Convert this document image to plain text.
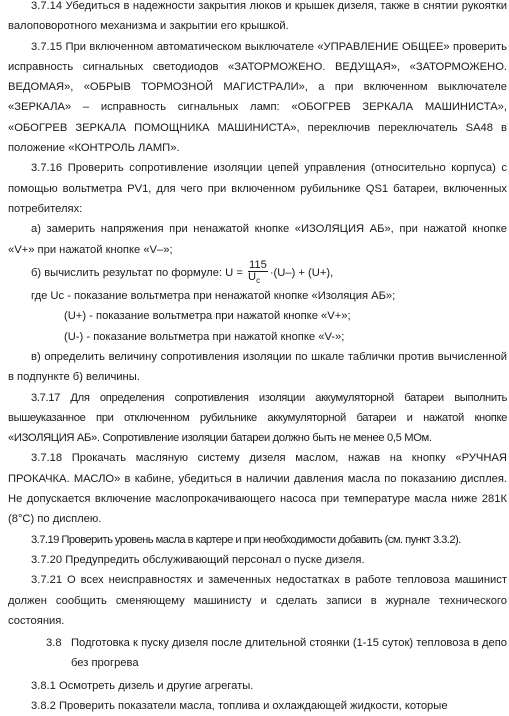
3.7.14 Убедиться в надежности закрытия люков и крышек дизеля, также в снятии рукоятки валоповоротного механизма и закрытии его крышкой.

3.7.15 При включенном автоматическом выключателе «УПРАВЛЕНИЕ ОБЩЕЕ» проверить исправность сигнальных светодиодов «ЗАТОРМОЖЕНО. ВЕДУЩАЯ», «ЗАТОРМОЖЕНО. ВЕДОМАЯ», «ОБРЫВ ТОРМОЗНОЙ МАГИСТРАЛИ», а при включенном выключателе «ЗЕРКАЛА» – исправность сигнальных ламп: «ОБОГРЕВ ЗЕРКАЛА МАШИНИСТА», «ОБОГРЕВ ЗЕРКАЛА ПОМОЩНИКА МАШИНИСТА», переключив переключатель SA48 в положение «КОНТРОЛЬ ЛАМП».

3.7.16 Проверить сопротивление изоляции цепей управления (относительно корпуса) с помощью вольтметра PV1, для чего при включенном рубильнике QS1 батареи, включенных потребителях:

а) замерить напряжения при ненажатой кнопке «ИЗОЛЯЦИЯ АБ», при нажатой кнопке «V+» при нажатой кнопке «V–»;

б) вычислить результат по формуле: $U = \frac{115}{U_c} \cdot(U-) + (U+)$,

где Uc - показание вольтметра при ненажатой кнопке «Изоляция АБ»;

(U+) - показание вольтметра при нажатой кнопке «V+»;

(U-) - показание вольтметра при нажатой кнопке «V-»;

в) определить величину сопротивления изоляции по шкале таблички против вычисленной в подпункте б) величины.

3.7.17 Для определения сопротивления изоляции аккумуляторной батареи выполнить вышеуказанное при отключенном рубильнике аккумуляторной батареи и нажатой кнопке «ИЗОЛЯЦИЯ АБ». Сопротивление изоляции батареи должно быть не менее 0,5 МОм.

3.7.18 Прокачать масляную систему дизеля маслом, нажав на кнопку «РУЧНАЯ ПРОКАЧКА. МАСЛО» в кабине, убедиться в наличии давления масла по показанию дисплея. Не допускается включение маслопрокачивающего насоса при температуре масла ниже 281К (8°С) по дисплею.

3.7.19 Проверить уровень масла в картере и при необходимости добавить (см. пункт 3.3.2).

3.7.20 Предупредить обслуживающий персонал о пуске дизеля.

3.7.21 О всех неисправностях и замеченных недостатках в работе тепловоза машинист должен сообщить сменяющему машинисту и сделать записи в журнале технического состояния.

3.8 Подготовка к пуску дизеля после длительной стоянки (1-15 суток) тепловоза в депо без прогрева

3.8.1 Осмотреть дизель и другие агрегаты.

3.8.2 Проверить показатели масла, топлива и охлаждающей жидкости, которые
